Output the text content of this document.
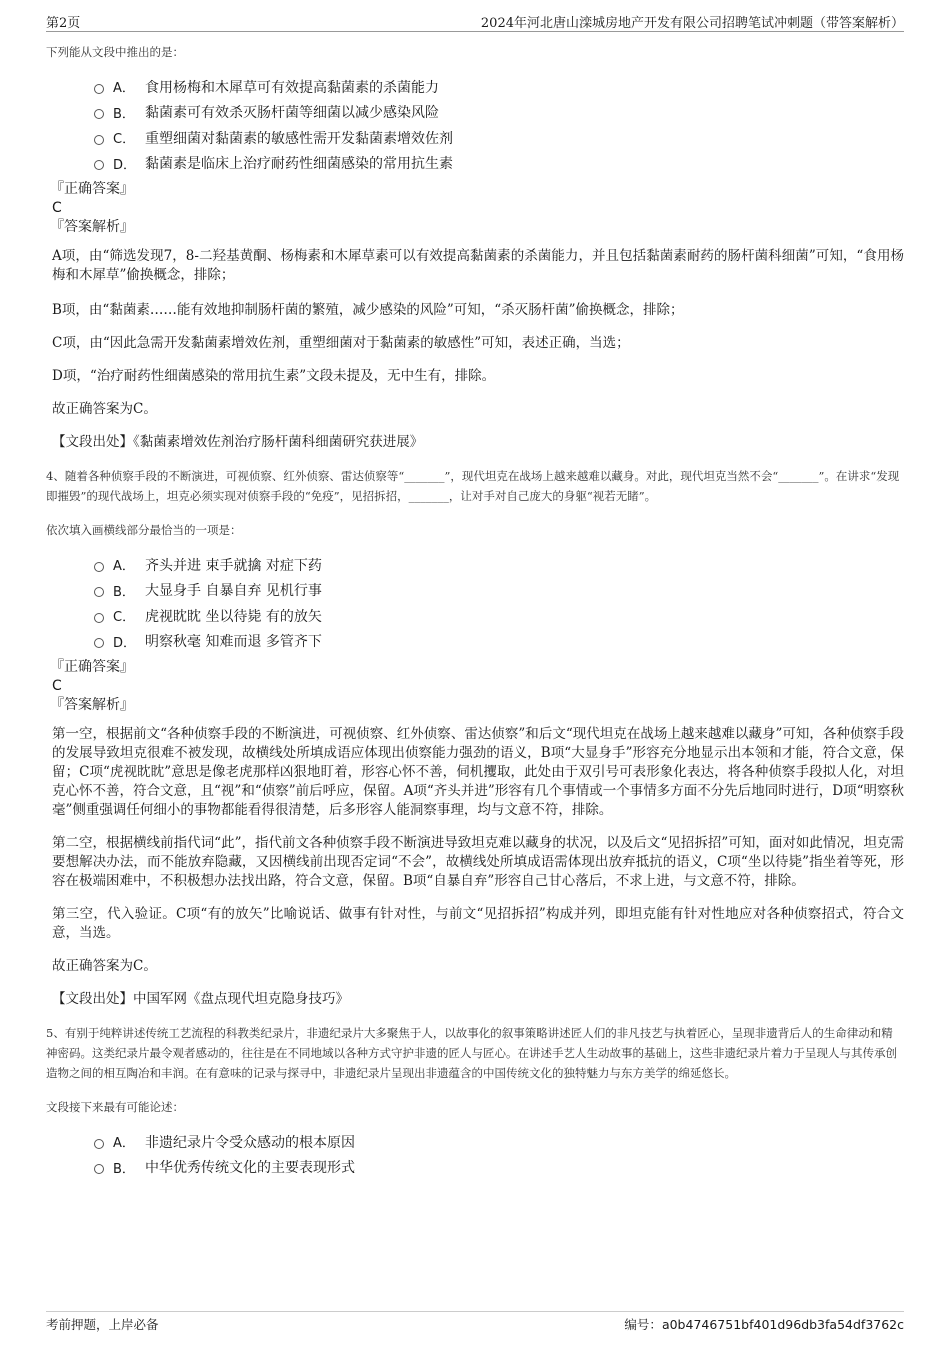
第2页	2024年河北唐山滦城房地产开发有限公司招聘笔试冲刺题（带答案解析）
下列能从文段中推出的是：
A． 食用杨梅和木犀草可有效提高黏菌素的杀菌能力
B． 黏菌素可有效杀灭肠杆菌等细菌以减少感染风险
C． 重塑细菌对黏菌素的敏感性需开发黏菌素增效佐剂
D． 黏菌素是临床上治疗耐药性细菌感染的常用抗生素
『正确答案』
C
『答案解析』

A项，由“筛选发现7，8-二羟基黄酮、杨梅素和木犀草素可以有效提高黏菌素的杀菌能力，并且包括黏菌素耐药的肠杆菌科细菌”可知，“食用杨梅和木犀草”偷换概念，排除；

B项，由“黏菌素……能有效地抑制肠杆菌的繁殖，减少感染的风险”可知，“杀灭肠杆菌”偷换概念，排除；

C项，由“因此急需开发黏菌素增效佐剂，重塑细菌对于黏菌素的敏感性”可知，表述正确，当选；

D项，“治疗耐药性细菌感染的常用抗生素”文段未提及，无中生有，排除。

故正确答案为C。

【文段出处】《黏菌素增效佐剂治疗肠杆菌科细菌研究获进展》

4、随着各种侦察手段的不断演进，可视侦察、红外侦察、雷达侦察等“_______”，现代坦克在战场上越来越难以藏身。对此，现代坦克当然不会“_______”。在讲求“发现即摧毁”的现代战场上，坦克必须实现对侦察手段的“免疫”，见招拆招，_______，让对手对自己庞大的身躯“视若无睹”。
依次填入画横线部分最恰当的一项是：
A． 齐头并进 束手就擒 对症下药
B． 大显身手 自暴自弃 见机行事
C． 虎视眈眈 坐以待毙 有的放矢
D． 明察秋毫 知难而退 多管齐下
『正确答案』
C
『答案解析』

第一空，根据前文“各种侦察手段的不断演进，可视侦察、红外侦察、雷达侦察”和后文“现代坦克在战场上越来越难以藏身”可知，各种侦察手段的发展导致坦克很难不被发现，故横线处所填成语应体现出侦察能力强劲的语义，B项“大显身手”形容充分地显示出本领和才能，符合文意，保留；C项“虎视眈眈”意思是像老虎那样凶狠地盯着，形容心怀不善，伺机攫取，此处由于双引号可表形象化表达，将各种侦察手段拟人化，对坦克心怀不善，符合文意，且“视”和“侦察”前后呼应，保留。A项“齐头并进”形容有几个事情或一个事情多方面不分先后地同时进行，D项“明察秋毫”侧重强调任何细小的事物都能看得很清楚，后多形容人能洞察事理，均与文意不符，排除。

第二空，根据横线前指代词“此”，指代前文各种侦察手段不断演进导致坦克难以藏身的状况，以及后文“见招拆招”可知，面对如此情况，坦克需要想解决办法，而不能放弃隐藏，又因横线前出现否定词“不会”，故横线处所填成语需体现出放弃抵抗的语义，C项“坐以待毙”指坐着等死，形容在极端困难中，不积极想办法找出路，符合文意，保留。B项“自暴自弃”形容自己甘心落后，不求上进，与文意不符，排除。

第三空，代入验证。C项“有的放矢”比喻说话、做事有针对性，与前文“见招拆招”构成并列，即坦克能有针对性地应对各种侦察招式，符合文意，当选。

故正确答案为C。

【文段出处】中国军网《盘点现代坦克隐身技巧》

5、有别于纯粹讲述传统工艺流程的科教类纪录片，非遗纪录片大多聚焦于人，以故事化的叙事策略讲述匠人们的非凡技艺与执着匠心，呈现非遗背后人的生命律动和精神密码。这类纪录片最令观者感动的，往往是在不同地域以各种方式守护非遗的匠人与匠心。在讲述手艺人生动故事的基础上，这些非遗纪录片着力于呈现人与其传承创造物之间的相互陶冶和丰润。在有意味的记录与探寻中，非遗纪录片呈现出非遗蕴含的中国传统文化的独特魅力与东方美学的绵延悠长。
文段接下来最有可能论述：
A． 非遗纪录片令受众感动的根本原因
B． 中华优秀传统文化的主要表现形式
考前押题，上岸必备	编号：a0b4746751bf401d96db3fa54df3762c
